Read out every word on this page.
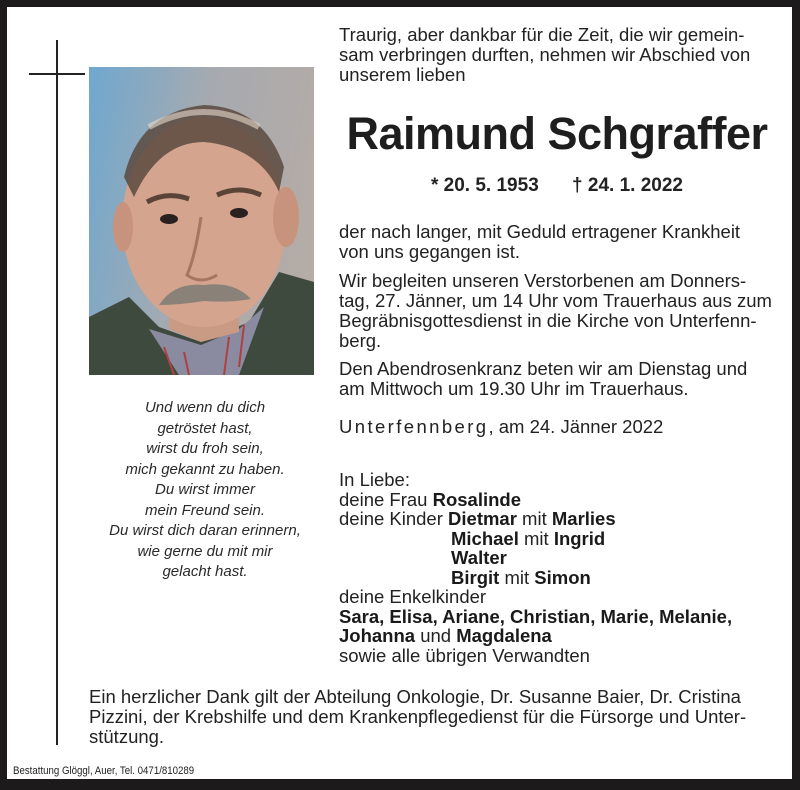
Und wenn du dich
getröstet hast,
wirst du froh sein,
mich gekannt zu haben.
Du wirst immer
mein Freund sein.
Du wirst dich daran erinnern,
wie gerne du mit mir
gelacht hast.
Traurig, aber dankbar für die Zeit, die wir gemein-
sam verbringen durften, nehmen wir Abschied von
unserem lieben
Raimund Schgraffer
* 20. 5. 1953 † 24. 1. 2022
der nach langer, mit Geduld ertragener Krankheit
von uns gegangen ist.
Wir begleiten unseren Verstorbenen am Donners-
tag, 27. Jänner, um 14 Uhr vom Trauerhaus aus zum
Begräbnisgottesdienst in die Kirche von Unterfenn-
berg.
Den Abendrosenkranz beten wir am Dienstag und
am Mittwoch um 19.30 Uhr im Trauerhaus.
Unterfennberg, am 24. Jänner 2022
In Liebe:
deine Frau Rosalinde
deine Kinder Dietmar mit Marlies
Michael mit Ingrid
Walter
Birgit mit Simon
deine Enkelkinder
Sara, Elisa, Ariane, Christian, Marie, Melanie,
Johanna und Magdalena
sowie alle übrigen Verwandten
Ein herzlicher Dank gilt der Abteilung Onkologie, Dr. Susanne Baier, Dr. Cristina
Pizzini, der Krebshilfe und dem Krankenpflegedienst für die Fürsorge und Unter-
stützung.
Bestattung Glöggl, Auer, Tel. 0471/810289
